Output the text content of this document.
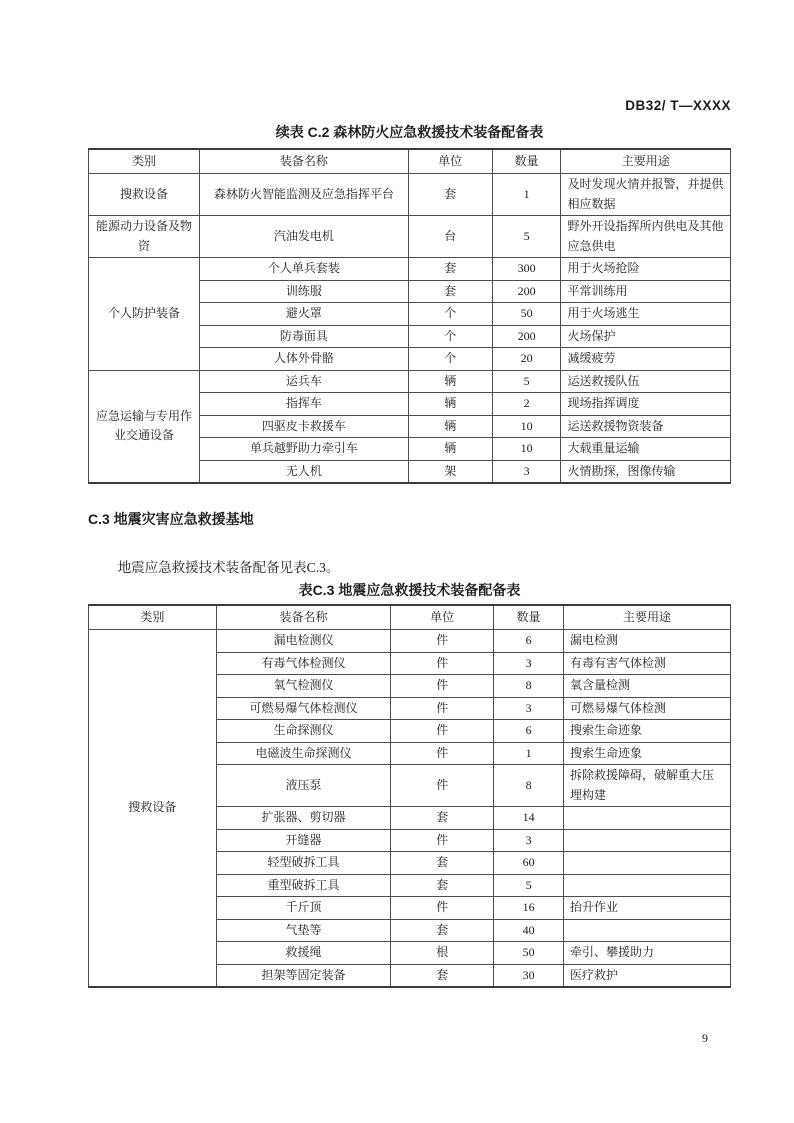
DB32/ T—XXXX
续表 C.2 森林防火应急救援技术装备配备表
类别	装备名称	单位	数量	主要用途
搜救设备	森林防火智能监测及应急指挥平台	套	1	及时发现火情并报警，并提供相应数据
能源动力设备及物资	汽油发电机	台	5	野外开设指挥所内供电及其他应急供电
个人防护装备	个人单兵套装	套	300	用于火场抢险
	训练服	套	200	平常训练用
	避火罩	个	50	用于火场逃生
	防毒面具	个	200	火场保护
	人体外骨骼	个	20	减缓疲劳
应急运输与专用作业交通设备	运兵车	辆	5	运送救援队伍
	指挥车	辆	2	现场指挥调度
	四驱皮卡救援车	辆	10	运送救援物资装备
	单兵越野助力牵引车	辆	10	大载重量运输
	无人机	架	3	火情勘探，图像传输
C.3 地震灾害应急救援基地
地震应急救援技术装备配备见表C.3。
表C.3 地震应急救援技术装备配备表
类别	装备名称	单位	数量	主要用途
搜救设备	漏电检测仪	件	6	漏电检测
	有毒气体检测仪	件	3	有毒有害气体检测
	氧气检测仪	件	8	氧含量检测
	可燃易爆气体检测仪	件	3	可燃易爆气体检测
	生命探测仪	件	6	搜索生命迹象
	电磁波生命探测仪	件	1	搜索生命迹象
	液压泵	件	8	拆除救援障碍，破解重大压埋构建
	扩张器、剪切器	套	14	
	开缝器	件	3	
	轻型破拆工具	套	60	
	重型破拆工具	套	5	
	千斤顶	件	16	抬升作业
	气垫等	套	40	
	救援绳	根	50	牵引、攀援助力
	担架等固定装备	套	30	医疗救护
9
